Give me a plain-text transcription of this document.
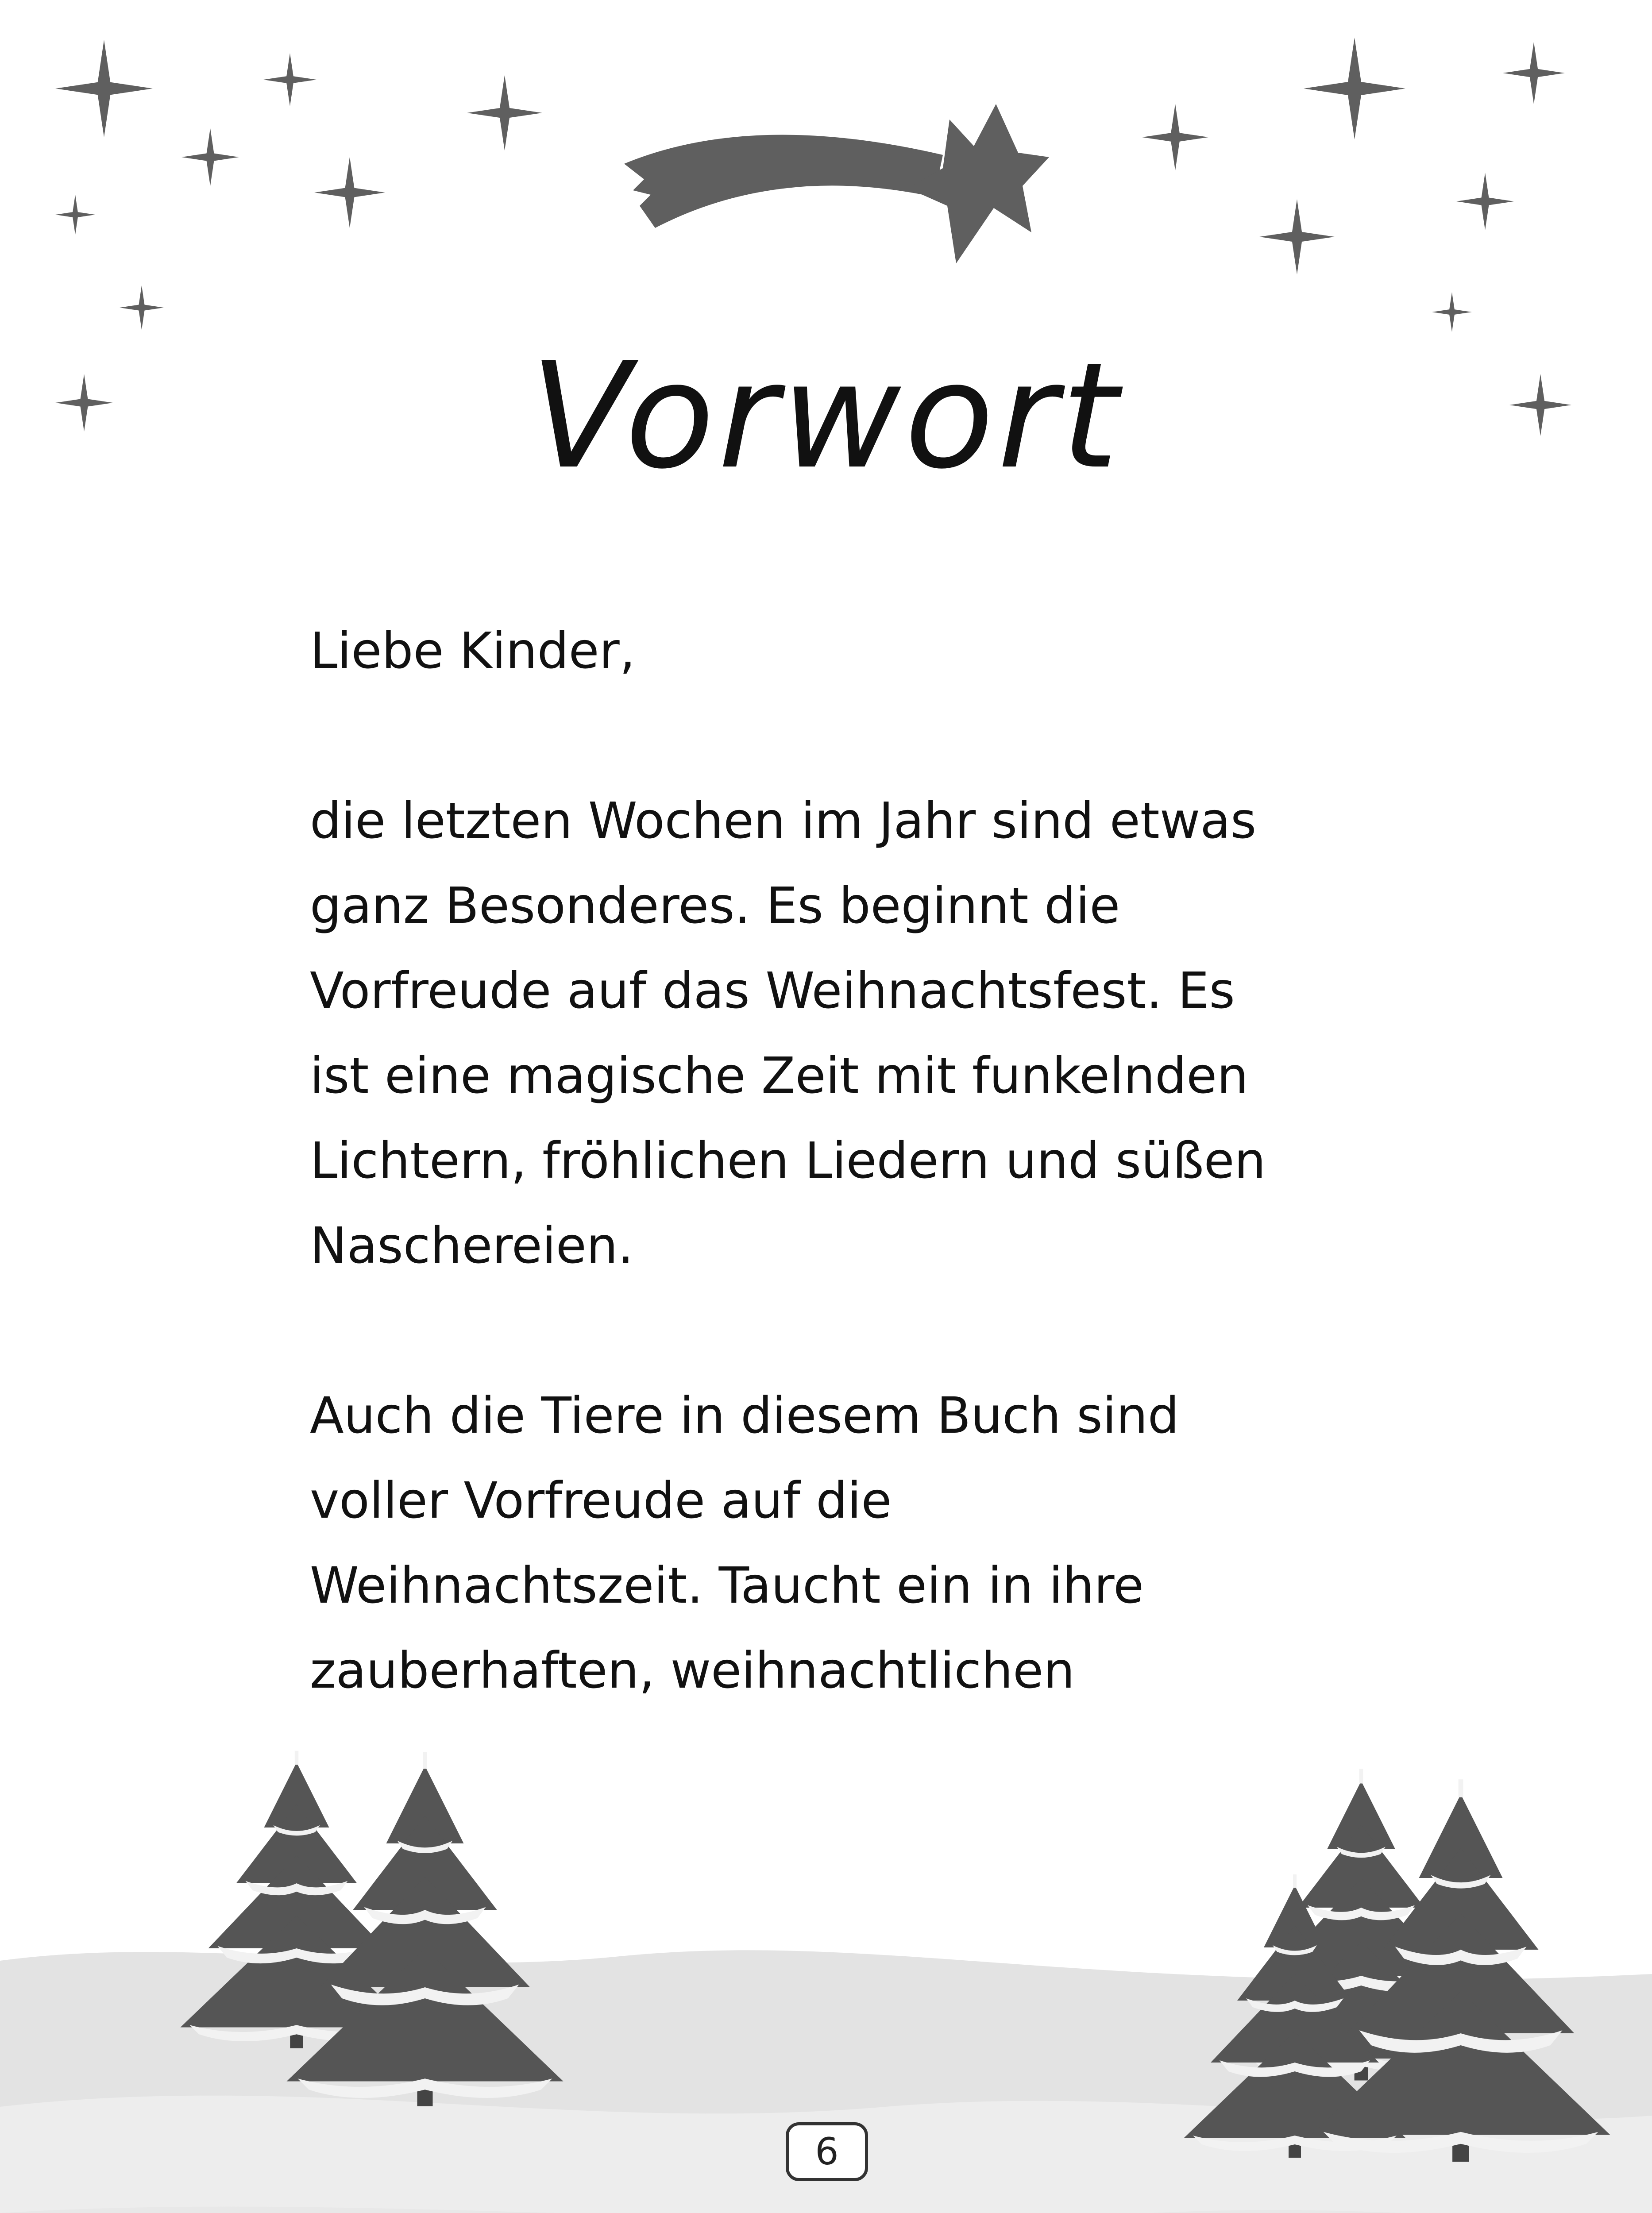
Vorwort

Liebe Kinder,

die letzten Wochen im Jahr sind etwas
ganz Besonderes. Es beginnt die
Vorfreude auf das Weihnachtsfest. Es
ist eine magische Zeit mit funkelnden
Lichtern, fröhlichen Liedern und süßen
Naschereien.

Auch die Tiere in diesem Buch sind
voller Vorfreude auf die
Weihnachtszeit. Taucht ein in ihre
zauberhaften, weihnachtlichen

6
